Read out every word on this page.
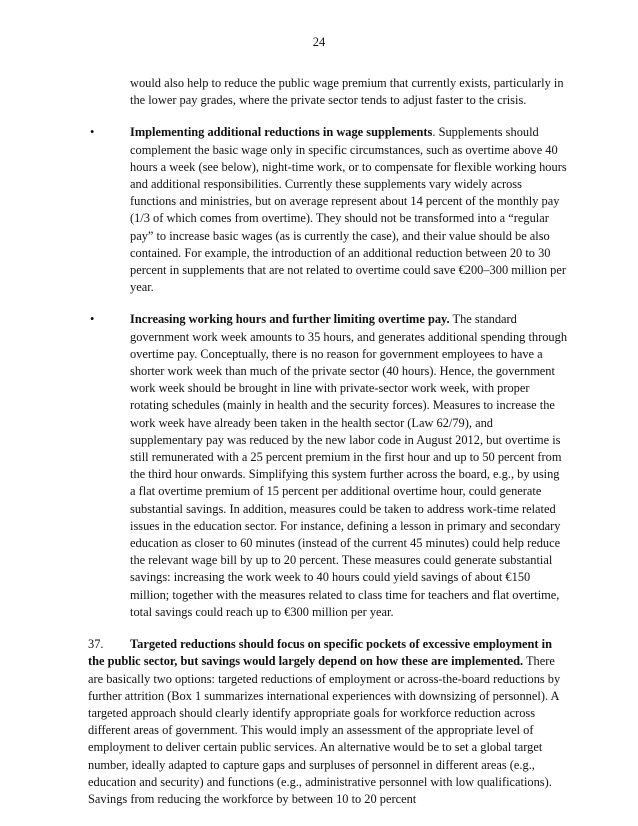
24

would also help to reduce the public wage premium that currently exists, particularly in the lower pay grades, where the private sector tends to adjust faster to the crisis.

•	Implementing additional reductions in wage supplements. Supplements should complement the basic wage only in specific circumstances, such as overtime above 40 hours a week (see below), night-time work, or to compensate for flexible working hours and additional responsibilities. Currently these supplements vary widely across functions and ministries, but on average represent about 14 percent of the monthly pay (1/3 of which comes from overtime). They should not be transformed into a “regular pay” to increase basic wages (as is currently the case), and their value should be also contained. For example, the introduction of an additional reduction between 20 to 30 percent in supplements that are not related to overtime could save €200–300 million per year.
•	Increasing working hours and further limiting overtime pay. The standard government work week amounts to 35 hours, and generates additional spending through overtime pay. Conceptually, there is no reason for government employees to have a shorter work week than much of the private sector (40 hours). Hence, the government work week should be brought in line with private-sector work week, with proper rotating schedules (mainly in health and the security forces). Measures to increase the work week have already been taken in the health sector (Law 62/79), and supplementary pay was reduced by the new labor code in August 2012, but overtime is still remunerated with a 25 percent premium in the first hour and up to 50 percent from the third hour onwards. Simplifying this system further across the board, e.g., by using a flat overtime premium of 15 percent per additional overtime hour, could generate substantial savings. In addition, measures could be taken to address work-time related issues in the education sector. For instance, defining a lesson in primary and secondary education as closer to 60 minutes (instead of the current 45 minutes) could help reduce the relevant wage bill by up to 20 percent. These measures could generate substantial savings: increasing the work week to 40 hours could yield savings of about €150 million; together with the measures related to class time for teachers and flat overtime, total savings could reach up to €300 million per year.
37. Targeted reductions should focus on specific pockets of excessive employment in the public sector, but savings would largely depend on how these are implemented. There are basically two options: targeted reductions of employment or across-the-board reductions by further attrition (Box 1 summarizes international experiences with downsizing of personnel). A targeted approach should clearly identify appropriate goals for workforce reduction across different areas of government. This would imply an assessment of the appropriate level of employment to deliver certain public services. An alternative would be to set a global target number, ideally adapted to capture gaps and surpluses of personnel in different areas (e.g., education and security) and functions (e.g., administrative personnel with low qualifications). Savings from reducing the workforce by between 10 to 20 percent
